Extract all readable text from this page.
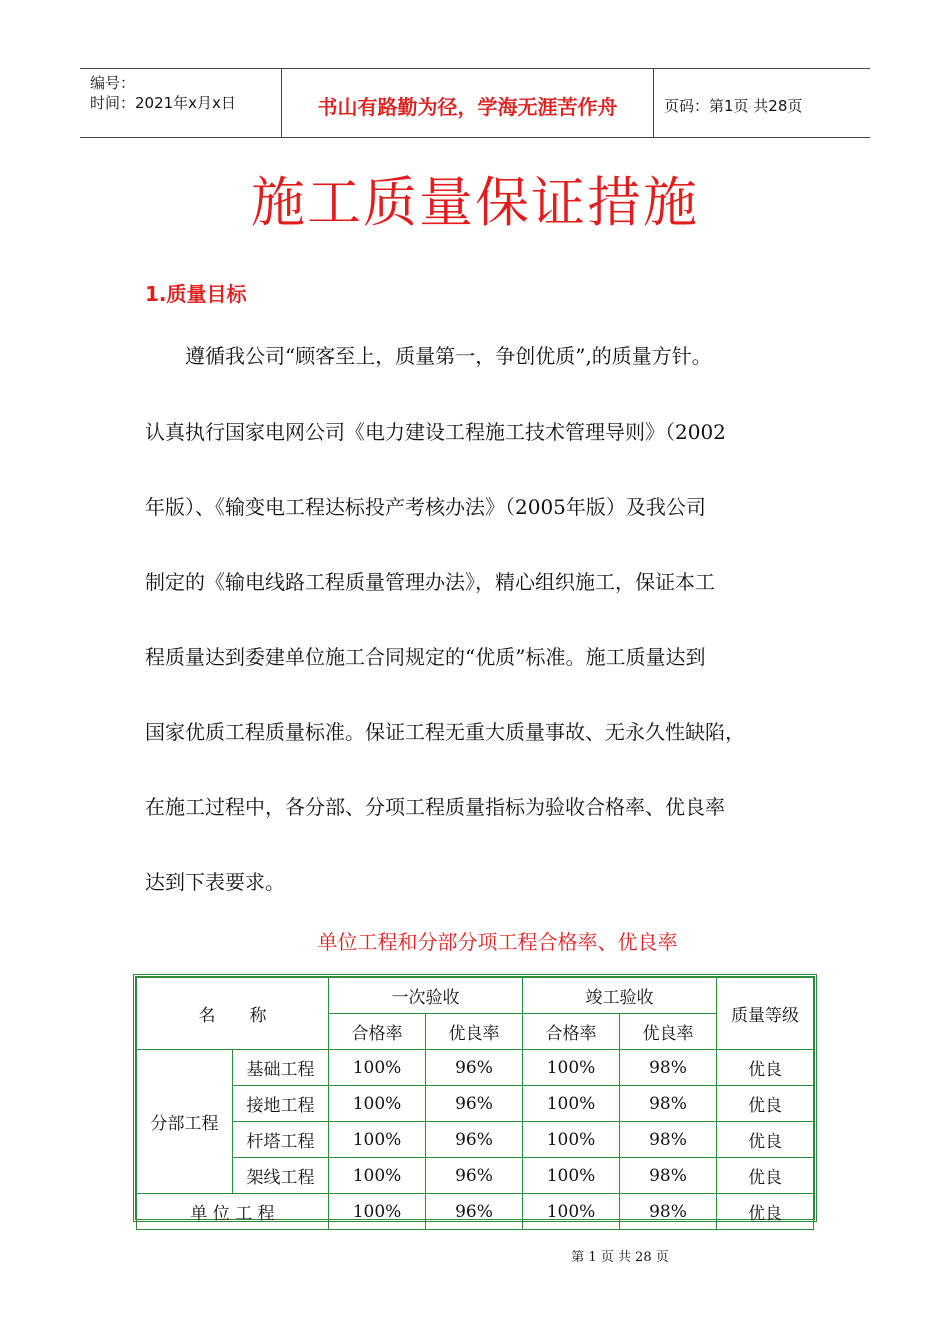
编号：
时间：2021年x月x日	书山有路勤为径，学海无涯苦作舟	页码：第1页 共28页
施工质量保证措施
1.质量目标
　　遵循我公司“顾客至上，质量第一，争创优质”,的质量方针。
认真执行国家电网公司《电力建设工程施工技术管理导则》（2002
年版）、《输变电工程达标投产考核办法》（2005年版）及我公司
制定的《输电线路工程质量管理办法》，精心组织施工，保证本工
程质量达到委建单位施工合同规定的“优质”标准。施工质量达到
国家优质工程质量标准。保证工程无重大质量事故、无永久性缺陷，
在施工过程中，各分部、分项工程质量指标为验收合格率、优良率
达到下表要求。
单位工程和分部分项工程合格率、优良率
名　　称		一次验收		竣工验收		质量等级
		合格率	优良率	合格率	优良率	
分部工程	基础工程	100%	96%	100%	98%	优良
	接地工程	100%	96%	100%	98%	优良
	杆塔工程	100%	96%	100%	98%	优良
	架线工程	100%	96%	100%	98%	优良
单 位 工 程		100%	96%	100%	98%	优良
第 1 页 共 28 页
